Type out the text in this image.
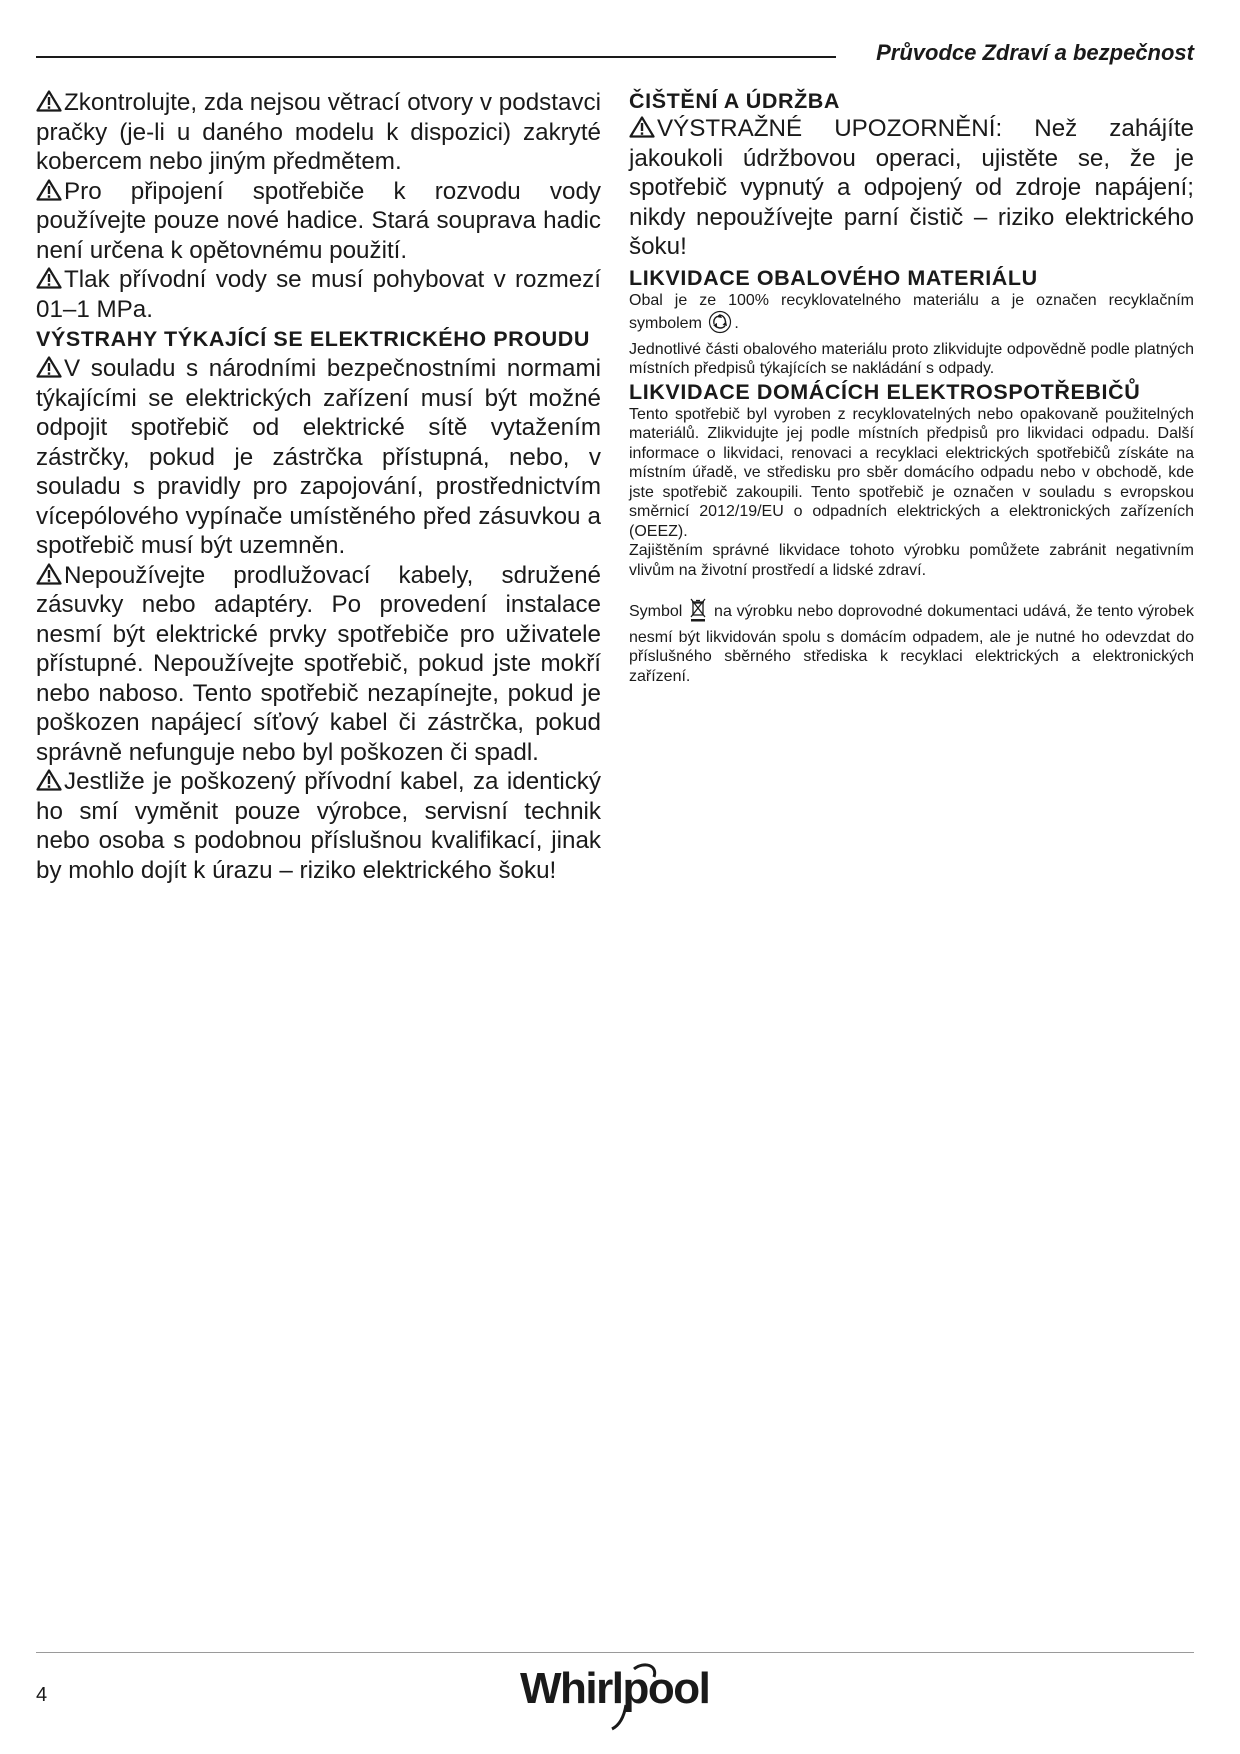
Průvodce Zdraví a bezpečnost

Zkontrolujte, zda nejsou větrací otvory v podstavci pračky (je-li u daného modelu k dispozici) zakryté kobercem nebo jiným předmětem.

Pro připojení spotřebiče k rozvodu vody používejte pouze nové hadice. Stará souprava hadic není určena k opětovnému použití.

Tlak přívodní vody se musí pohybovat v rozmezí 01–1 MPa.

VÝSTRAHY TÝKAJÍCÍ SE ELEKTRICKÉHO PROUDU

V souladu s národními bezpečnostními normami týkajícími se elektrických zařízení musí být možné odpojit spotřebič od elektrické sítě vytažením zástrčky, pokud je zástrčka přístupná, nebo, v souladu s pravidly pro zapojování, prostřednictvím vícepólového vypínače umístěného před zásuvkou a spotřebič musí být uzemněn.

Nepoužívejte prodlužovací kabely, sdružené zásuvky nebo adaptéry. Po provedení instalace nesmí být elektrické prvky spotřebiče pro uživatele přístupné. Nepoužívejte spotřebič, pokud jste mokří nebo naboso. Tento spotřebič nezapínejte, pokud je poškozen napájecí síťový kabel či zástrčka, pokud správně nefunguje nebo byl poškozen či spadl.

Jestliže je poškozený přívodní kabel, za identický ho smí vyměnit pouze výrobce, servisní technik nebo osoba s podobnou příslušnou kvalifikací, jinak by mohlo dojít k úrazu – riziko elektrického šoku!

ČIŠTĚNÍ A ÚDRŽBA

VÝSTRAŽNÉ UPOZORNĚNÍ: Než zahájíte jakoukoli údržbovou operaci, ujistěte se, že je spotřebič vypnutý a odpojený od zdroje napájení; nikdy nepoužívejte parní čistič – riziko elektrického šoku!

LIKVIDACE OBALOVÉHO MATERIÁLU

Obal je ze 100% recyklovatelného materiálu a je označen recyklačním symbolem .

Jednotlivé části obalového materiálu proto zlikvidujte odpovědně podle platných místních předpisů týkajících se nakládání s odpady.

LIKVIDACE DOMÁCÍCH ELEKTROSPOTŘEBIČŮ

Tento spotřebič byl vyroben z recyklovatelných nebo opakovaně použitelných materiálů. Zlikvidujte jej podle místních předpisů pro likvidaci odpadu. Další informace o likvidaci, renovaci a recyklaci elektrických spotřebičů získáte na místním úřadě, ve středisku pro sběr domácího odpadu nebo v obchodě, kde jste spotřebič zakoupili. Tento spotřebič je označen v souladu s evropskou směrnicí 2012/19/EU o odpadních elektrických a elektronických zařízeních (OEEZ).

Zajištěním správné likvidace tohoto výrobku pomůžete zabránit negativním vlivům na životní prostředí a lidské zdraví.

Symbol na výrobku nebo doprovodné dokumentaci udává, že tento výrobek nesmí být likvidován spolu s domácím odpadem, ale je nutné ho odevzdat do příslušného sběrného střediska k recyklaci elektrických a elektronických zařízení.

4	Whirlpool
